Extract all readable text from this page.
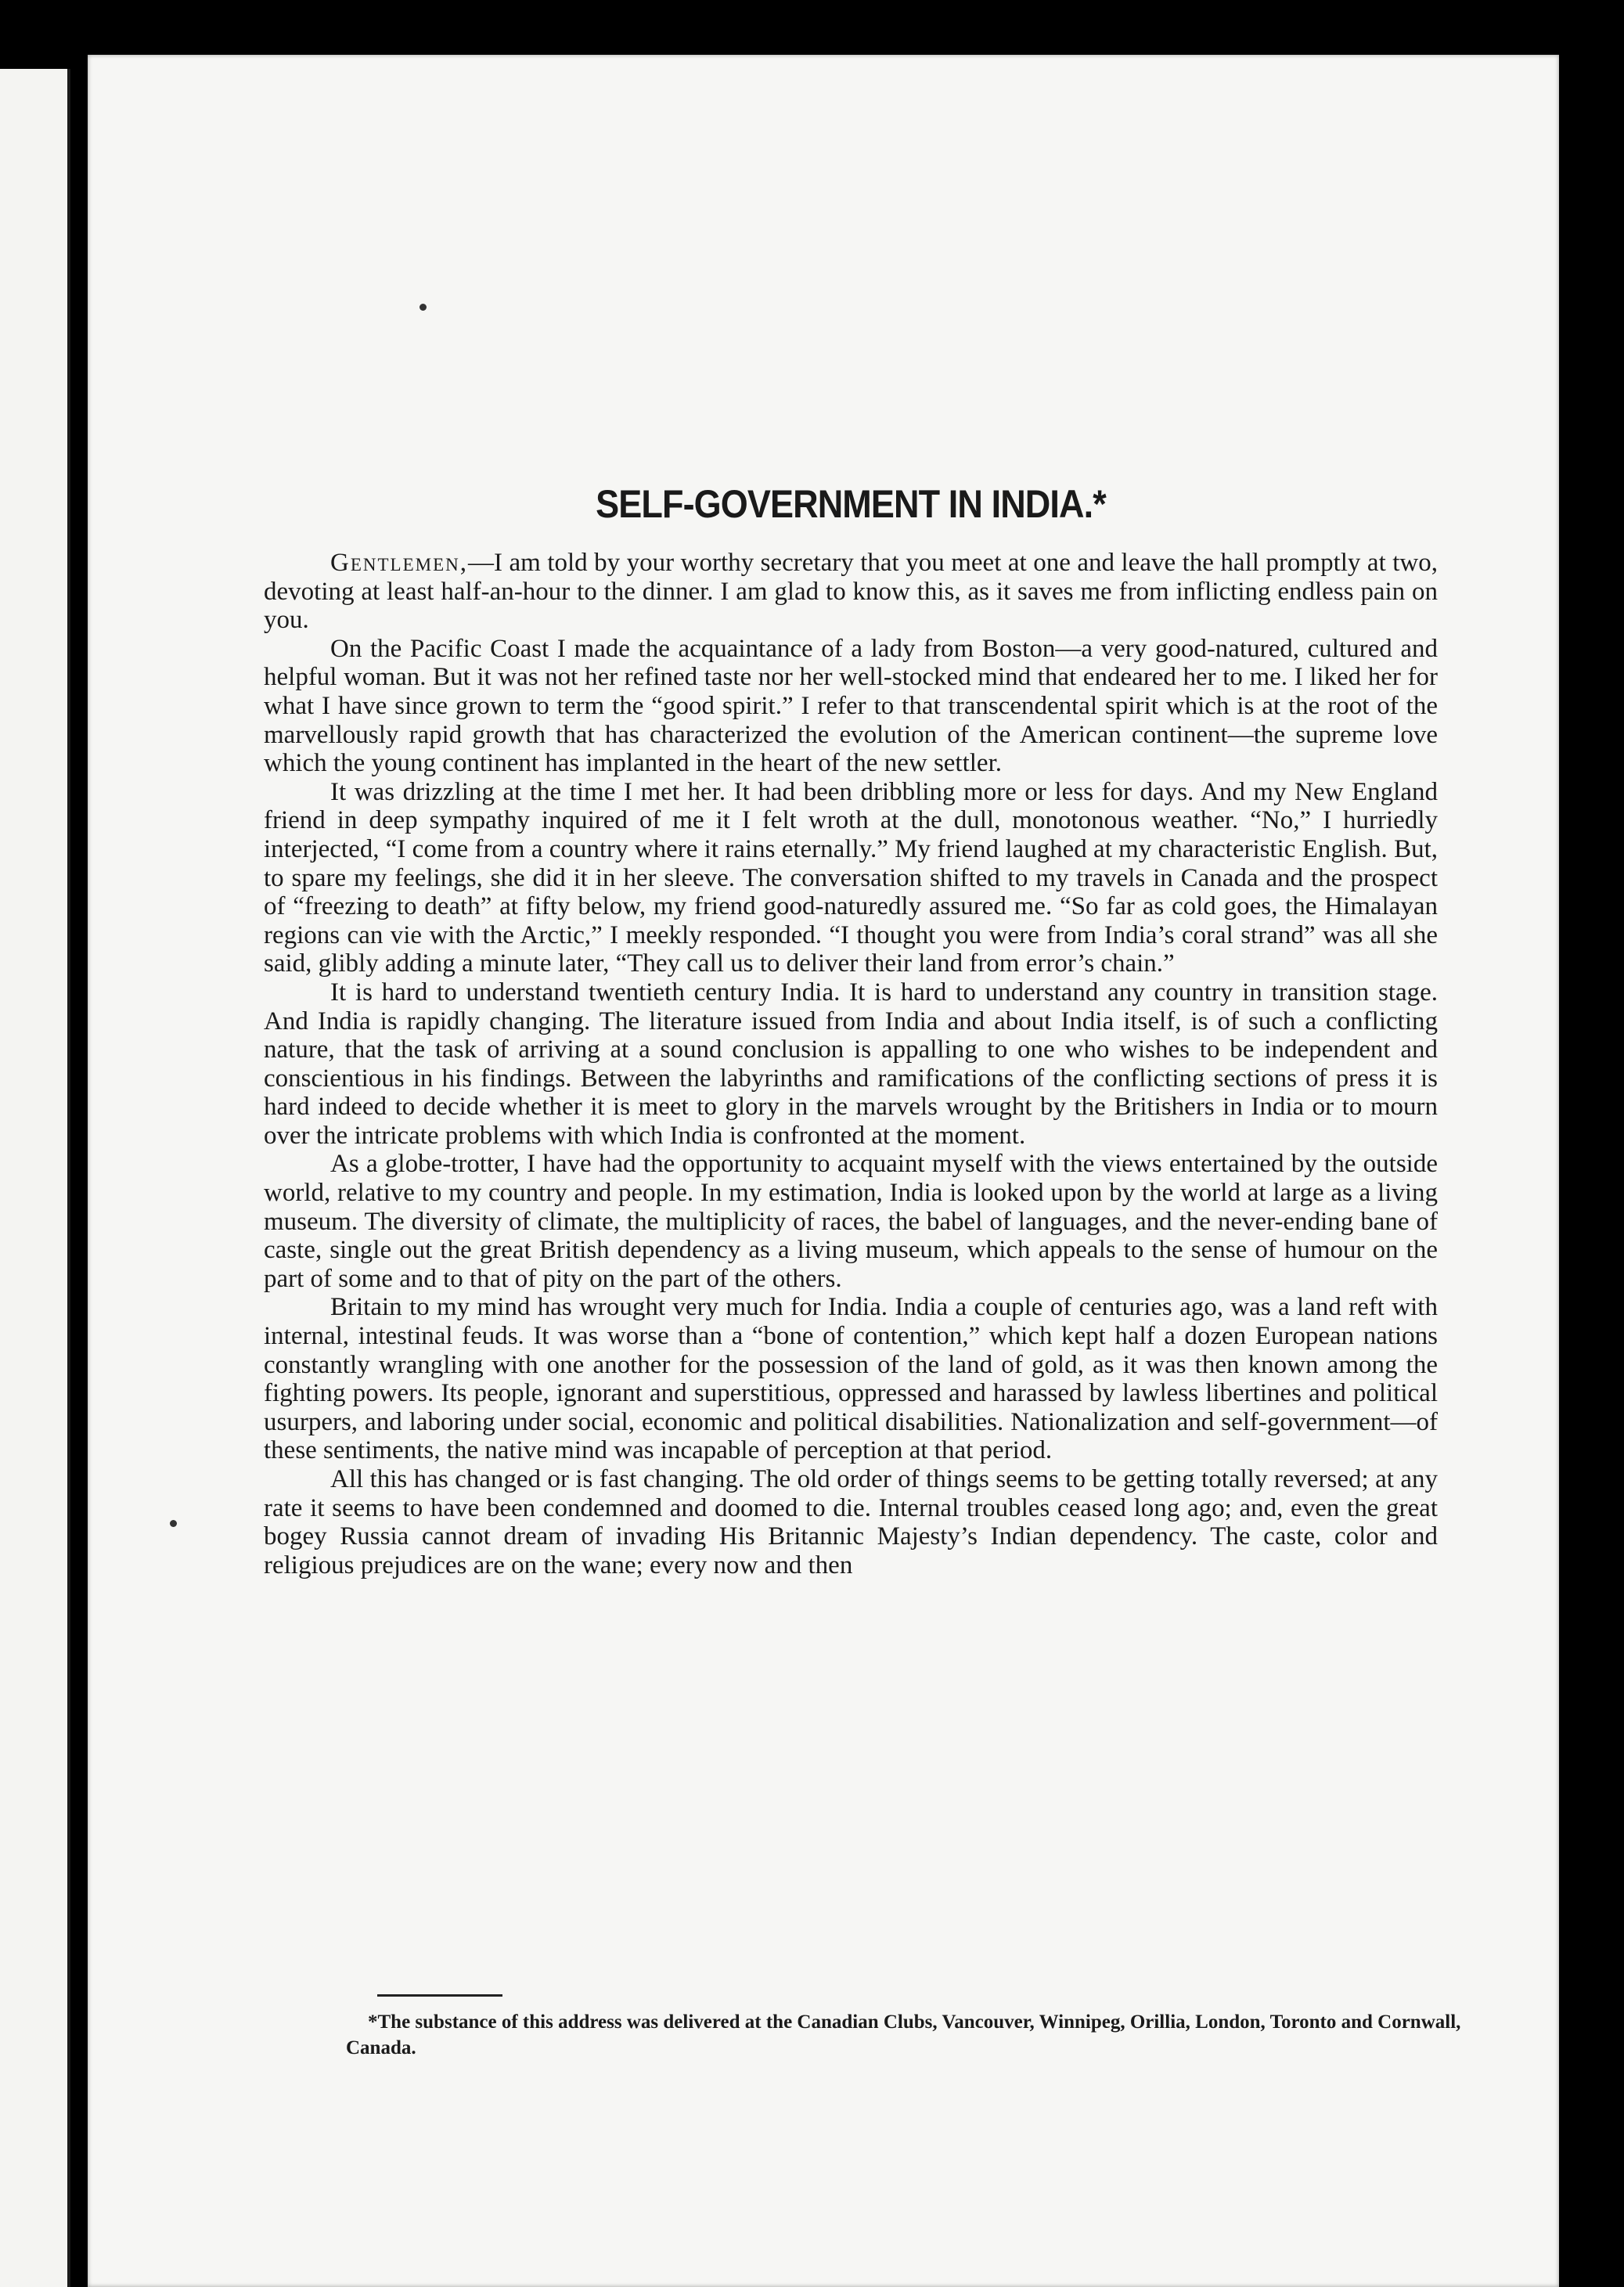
SELF-GOVERNMENT IN INDIA.*

Gentlemen,—I am told by your worthy secretary that you meet at one and leave the hall promptly at two, devoting at least half-an-hour to the dinner. I am glad to know this, as it saves me from inflicting endless pain on you.

On the Pacific Coast I made the acquaintance of a lady from Boston—a very good-natured, cultured and helpful woman. But it was not her refined taste nor her well-stocked mind that endeared her to me. I liked her for what I have since grown to term the “good spirit.” I refer to that transcendental spirit which is at the root of the marvellously rapid growth that has characterized the evolution of the American continent—the supreme love which the young continent has implanted in the heart of the new settler.

It was drizzling at the time I met her. It had been dribbling more or less for days. And my New England friend in deep sympathy inquired of me it I felt wroth at the dull, monotonous weather. “No,” I hurriedly interjected, “I come from a country where it rains eternally.” My friend laughed at my characteristic English. But, to spare my feelings, she did it in her sleeve. The conversation shifted to my travels in Canada and the prospect of “freezing to death” at fifty below, my friend good-naturedly assured me. “So far as cold goes, the Himalayan regions can vie with the Arctic,” I meekly responded. “I thought you were from India’s coral strand” was all she said, glibly adding a minute later, “They call us to deliver their land from error’s chain.”

It is hard to understand twentieth century India. It is hard to understand any country in transition stage. And India is rapidly changing. The literature issued from India and about India itself, is of such a conflicting nature, that the task of arriving at a sound conclusion is appalling to one who wishes to be independent and conscientious in his findings. Between the labyrinths and ramifications of the conflicting sections of press it is hard indeed to decide whether it is meet to glory in the marvels wrought by the Britishers in India or to mourn over the intricate problems with which India is confronted at the moment.

As a globe-trotter, I have had the opportunity to acquaint myself with the views entertained by the outside world, relative to my country and people. In my estimation, India is looked upon by the world at large as a living museum. The diversity of climate, the multiplicity of races, the babel of languages, and the never-ending bane of caste, single out the great British dependency as a living museum, which appeals to the sense of humour on the part of some and to that of pity on the part of the others.

Britain to my mind has wrought very much for India. India a couple of centuries ago, was a land reft with internal, intestinal feuds. It was worse than a “bone of contention,” which kept half a dozen European nations constantly wrangling with one another for the possession of the land of gold, as it was then known among the fighting powers. Its people, ignorant and superstitious, oppressed and harassed by lawless libertines and political usurpers, and laboring under social, economic and political disabilities. Nationalization and self-government—of these sentiments, the native mind was incapable of perception at that period.

All this has changed or is fast changing. The old order of things seems to be getting totally reversed; at any rate it seems to have been condemned and doomed to die. Internal troubles ceased long ago; and, even the great bogey Russia cannot dream of invading His Britannic Majesty’s Indian dependency. The caste, color and religious prejudices are on the wane; every now and then

*The substance of this address was delivered at the Canadian Clubs, Vancouver, Winnipeg, Orillia, London, Toronto and Cornwall, Canada.
